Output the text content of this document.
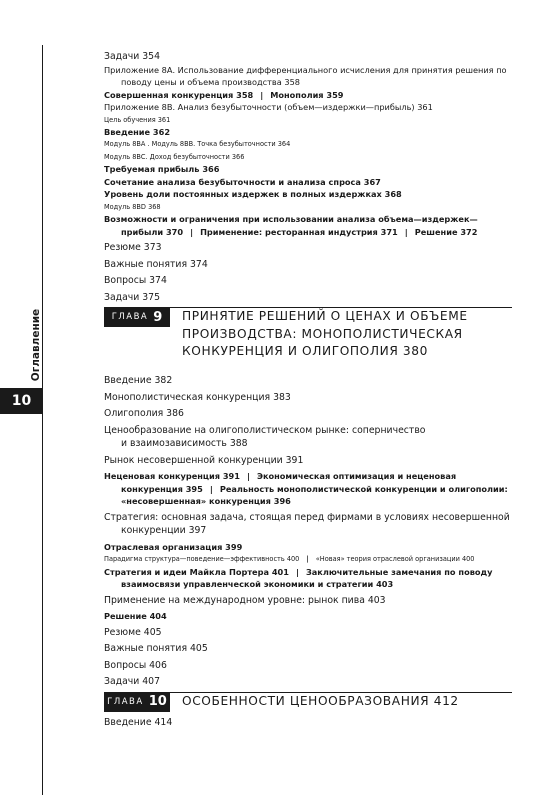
Оглавление
10

Задачи 354

Приложение 8А. Использование дифференциального исчисления для принятия решения по

поводу цены и объема производства 358

Совершенная конкуренция 358 | Монополия 359

Приложение 8В. Анализ безубыточности (объем—издержки—прибыль) 361

Цель обучения 361

Введение 362

Модуль 8ВА . Модуль 8ВВ. Точка безубыточности 364

Модуль 8ВС. Доход безубыточности 366

Требуемая прибыль 366

Сочетание анализа безубыточности и анализа спроса 367

Уровень доли постоянных издержек в полных издержках 368

Модуль 8ВD 368

Возможности и ограничения при использовании анализа объема—издержек—

прибыли 370 | Применение: ресторанная индустрия 371 | Решение 372

Резюме 373

Важные понятия 374

Вопросы 374

Задачи 375

ГЛАВА 9 ПРИНЯТИЕ РЕШЕНИЙ О ЦЕНАХ И ОБЪЕМЕ
ПРОИЗВОДСТВА: МОНОПОЛИСТИЧЕСКАЯ
КОНКУРЕНЦИЯ И ОЛИГОПОЛИЯ 380

Введение 382

Монополистическая конкуренция 383

Олигополия 386

Ценообразование на олигополистическом рынке: соперничество

и взаимозависимость 388

Рынок несовершенной конкуренции 391

Неценовая конкуренция 391 | Экономическая оптимизация и неценовая

конкуренция 395 | Реальность монополистической конкуренции и олигополии:

«несовершенная» конкуренция 396

Стратегия: основная задача, стоящая перед фирмами в условиях несовершенной

конкуренции 397

Отраслевая организация 399

Парадигма структура—поведение—эффективность 400 | «Новая» теория отраслевой организации 400

Стратегия и идеи Майкла Портера 401 | Заключительные замечания по поводу

взаимосвязи управленческой экономики и стратегии 403

Применение на международном уровне: рынок пива 403

Решение 404

Резюме 405

Важные понятия 405

Вопросы 406

Задачи 407

ГЛАВА 10 ОСОБЕННОСТИ ЦЕНООБРАЗОВАНИЯ 412

Введение 414
